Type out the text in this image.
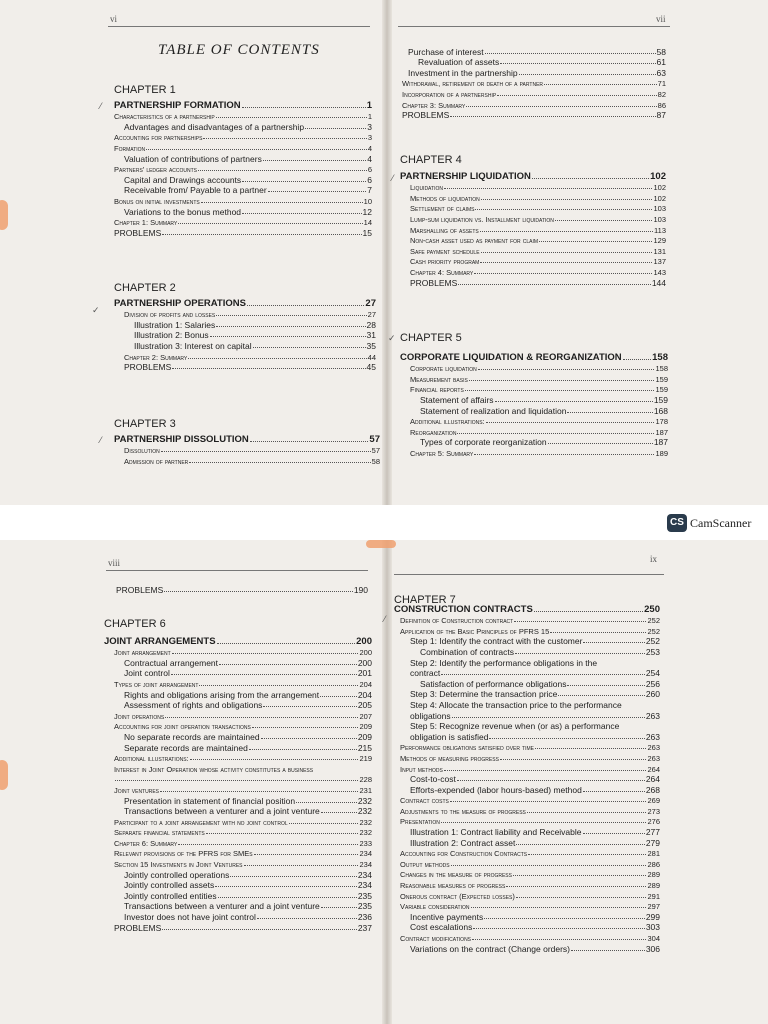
vi
TABLE OF CONTENTS
CHAPTER 1
⁄ PARTNERSHIP FORMATION	1
Characteristics of a partnership	1
Advantages and disadvantages of a partnership	3
Accounting for partnerships	3
Formation	4
Valuation of contributions of partners	4
Partners' ledger accounts	6
Capital and Drawings accounts	6
Receivable from/ Payable to a partner	7
Bonus on initial investments	10
Variations to the bonus method	12
Chapter 1: Summary	14
PROBLEMS	15
CHAPTER 2
✓
PARTNERSHIP OPERATIONS	27
Division of profits and losses	27
Illustration 1: Salaries	28
Illustration 2: Bonus	31
Illustration 3: Interest on capital	35
Chapter 2: Summary	44
PROBLEMS	45
CHAPTER 3
⁄ PARTNERSHIP DISSOLUTION	57
Dissolution	57
Admission of partner	58
vii
Purchase of interest	58
Revaluation of assets	61
Investment in the partnership	63
Withdrawal, retirement or death of a partner	71
Incorporation of a partnership	82
Chapter 3: Summary	86
PROBLEMS	87
CHAPTER 4
⁄ PARTNERSHIP LIQUIDATION	102
Liquidation	102
Methods of liquidation	102
Settlement of claims	103
Lump-sum liquidation vs. Installment liquidation	103
Marshalling of assets	113
Non-cash asset used as payment for claim	129
Safe payment schedule	131
Cash priority program	137
Chapter 4: Summary	143
PROBLEMS	144
CHAPTER 5
✓
CORPORATE LIQUIDATION & REORGANIZATION	158
Corporate liquidation	158
Measurement basis	159
Financial reports	159
Statement of affairs	159
Statement of realization and liquidation	168
Additional illustrations:	178
Reorganization	187
Types of corporate reorganization	187
Chapter 5: Summary	189
CS CamScanner
viii
PROBLEMS	190
CHAPTER 6
JOINT ARRANGEMENTS	200
Joint arrangement	200
Contractual arrangement	200
Joint control	201
Types of joint arrangement	204
Rights and obligations arising from the arrangement	204
Assessment of rights and obligations	205
Joint operations	207
Accounting for joint operation transactions	209
No separate records are maintained	209
Separate records are maintained	215
Additional illustrations:	219
Interest in Joint Operation whose activity constitutes a business
228
Joint ventures	231
Presentation in statement of financial position	232
Transactions between a venturer and a joint venture	232
Participant to a joint arrangement with no joint control	232
Separate financial statements	232
Chapter 6: Summary	233
Relevant provisions of the PFRS for SMEs	234
Section 15 Investments in Joint Ventures	234
Jointly controlled operations	234
Jointly controlled assets	234
Jointly controlled entities	235
Transactions between a venturer and a joint venture	235
Investor does not have joint control	236
PROBLEMS	237
ix
CHAPTER 7
⁄
CONSTRUCTION CONTRACTS	250
Definition of Construction contract	252
Application of the Basic Principles of PFRS 15	252
Step 1: Identify the contract with the customer	252
Combination of contracts	253
Step 2: Identify the performance obligations in the
contract	254
Satisfaction of performance obligations	256
Step 3: Determine the transaction price	260
Step 4: Allocate the transaction price to the performance
obligations	263
Step 5: Recognize revenue when (or as) a performance
obligation is satisfied	263
Performance obligations satisfied over time	263
Methods of measuring progress	263
Input methods	264
Cost-to-cost	264
Efforts-expended (labor hours-based) method	268
Contract costs	269
Adjustments to the measure of progress	273
Presentation	276
Illustration 1: Contract liability and Receivable	277
Illustration 2: Contract asset	279
Accounting for Construction Contracts	281
Output methods	286
Changes in the measure of progress	289
Reasonable measures of progress	289
Onerous contract (Expected losses)	291
Variable consideration	297
Incentive payments	299
Cost escalations	303
Contract modifications	304
Variations on the contract (Change orders)	306
